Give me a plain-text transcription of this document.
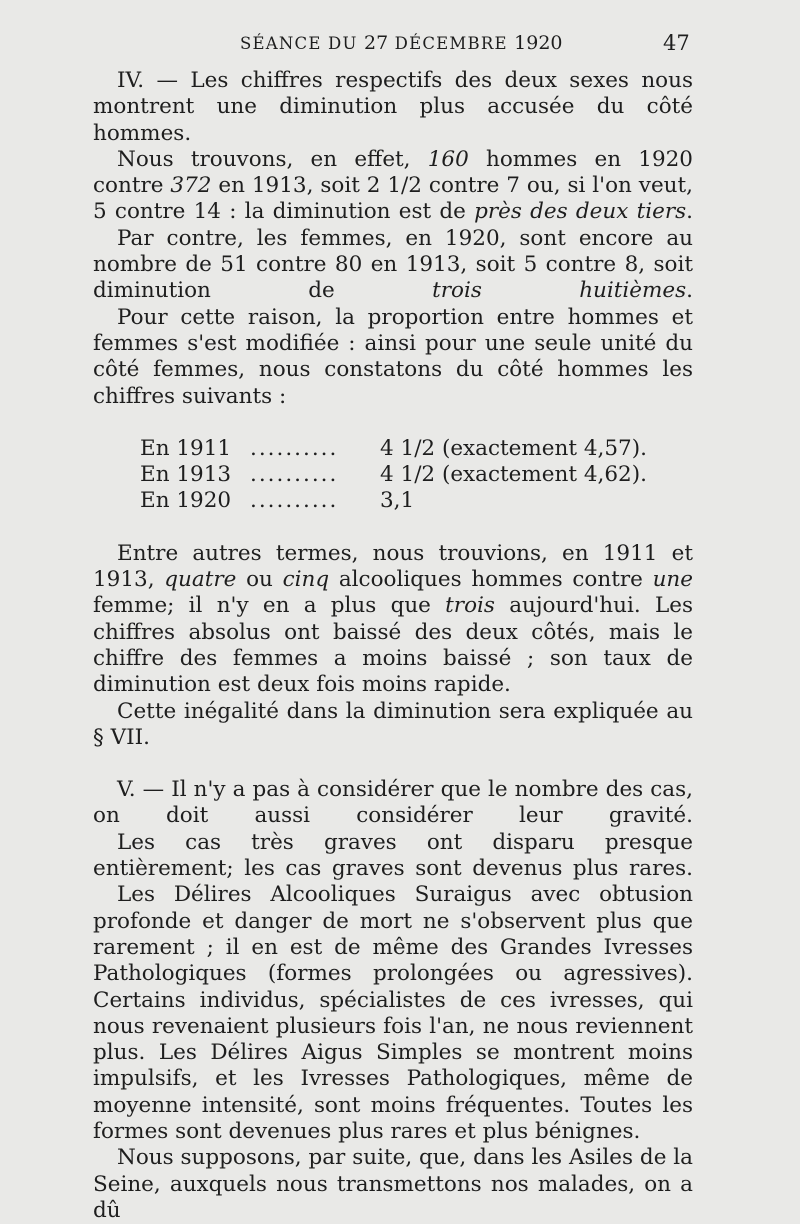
SÉANCE DU 27 DÉCEMBRE 1920	47

IV. — Les chiffres respectifs des deux sexes nous montrent une diminution plus accusée du côté hommes.

Nous trouvons, en effet, 160 hommes en 1920 contre 372 en 1913, soit 2 1/2 contre 7 ou, si l'on veut, 5 contre 14 : la diminution est de près des deux tiers.

Par contre, les femmes, en 1920, sont encore au nombre de 51 contre 80 en 1913, soit 5 contre 8, soit diminution de trois huitièmes.

Pour cette raison, la proportion entre hommes et femmes s'est modifiée : ainsi pour une seule unité du côté femmes, nous constatons du côté hommes les chiffres suivants :

En 1911 ..........	4 1/2 (exactement 4,57).
En 1913 ..........	4 1/2 (exactement 4,62).
En 1920 ..........	3,1

Entre autres termes, nous trouvions, en 1911 et 1913, quatre ou cinq alcooliques hommes contre une femme; il n'y en a plus que trois aujourd'hui. Les chiffres absolus ont baissé des deux côtés, mais le chiffre des femmes a moins baissé ; son taux de diminution est deux fois moins rapide.

Cette inégalité dans la diminution sera expliquée au § VII.

V. — Il n'y a pas à considérer que le nombre des cas, on doit aussi considérer leur gravité.

Les cas très graves ont disparu presque entièrement; les cas graves sont devenus plus rares.

Les Délires Alcooliques Suraigus avec obtusion profonde et danger de mort ne s'observent plus que rarement ; il en est de même des Grandes Ivresses Pathologiques (formes prolongées ou agressives). Certains individus, spécialistes de ces ivresses, qui nous revenaient plusieurs fois l'an, ne nous reviennent plus. Les Délires Aigus Simples se montrent moins impulsifs, et les Ivresses Pathologiques, même de moyenne intensité, sont moins fréquentes. Toutes les formes sont devenues plus rares et plus bénignes.

Nous supposons, par suite, que, dans les Asiles de la Seine, auxquels nous transmettons nos malades, on a dû
